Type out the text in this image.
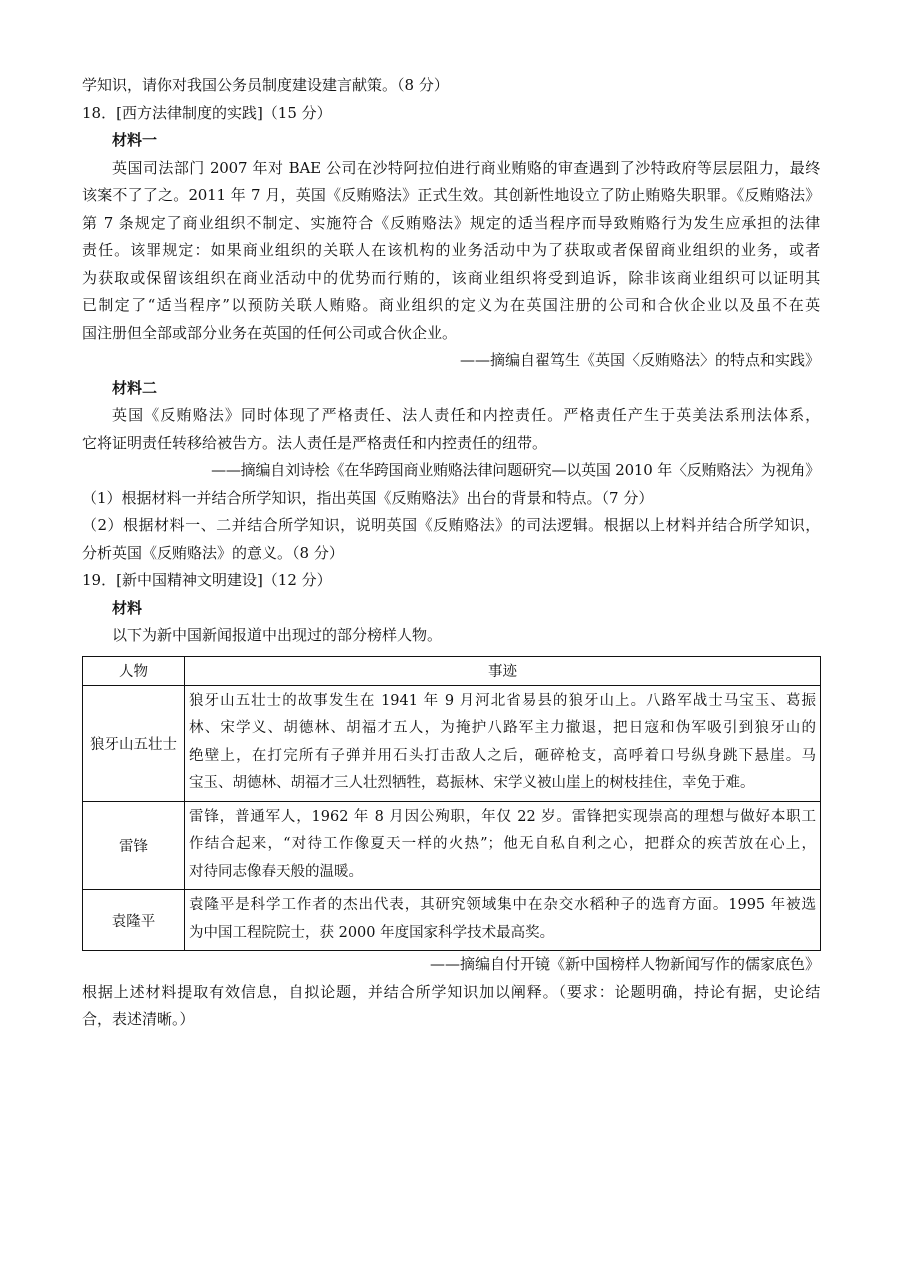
学知识，请你对我国公务员制度建设建言献策。（8 分）
18．[西方法律制度的实践]（15 分）
材料一
英国司法部门 2007 年对 BAE 公司在沙特阿拉伯进行商业贿赂的审查遇到了沙特政府等层层阻力，最终
该案不了了之。2011 年 7 月，英国《反贿赂法》正式生效。其创新性地设立了防止贿赂失职罪。《反贿赂法》
第 7 条规定了商业组织不制定、实施符合《反贿赂法》规定的适当程序而导致贿赂行为发生应承担的法律
责任。该罪规定：如果商业组织的关联人在该机构的业务活动中为了获取或者保留商业组织的业务，或者
为获取或保留该组织在商业活动中的优势而行贿的，该商业组织将受到追诉，除非该商业组织可以证明其
已制定了“适当程序”以预防关联人贿赂。商业组织的定义为在英国注册的公司和合伙企业以及虽不在英
国注册但全部或部分业务在英国的任何公司或合伙企业。
——摘编自翟笃生《英国〈反贿赂法〉的特点和实践》
材料二
英国《反贿赂法》同时体现了严格责任、法人责任和内控责任。严格责任产生于英美法系刑法体系，
它将证明责任转移给被告方。法人责任是严格责任和内控责任的纽带。
——摘编自刘诗桧《在华跨国商业贿赂法律问题研究—以英国 2010 年〈反贿赂法〉为视角》
（1）根据材料一并结合所学知识，指出英国《反贿赂法》出台的背景和特点。（7 分）
（2）根据材料一、二并结合所学知识，说明英国《反贿赂法》的司法逻辑。根据以上材料并结合所学知识，
分析英国《反贿赂法》的意义。（8 分）
19．[新中国精神文明建设]（12 分）
材料
以下为新中国新闻报道中出现过的部分榜样人物。
人物	事迹
狼牙山五壮士	狼牙山五壮士的故事发生在 1941 年 9 月河北省易县的狼牙山上。八路军战士马宝玉、葛振
林、宋学义、胡德林、胡福才五人，为掩护八路军主力撤退，把日寇和伪军吸引到狼牙山的
绝壁上，在打完所有子弹并用石头打击敌人之后，砸碎枪支，高呼着口号纵身跳下悬崖。马
宝玉、胡德林、胡福才三人壮烈牺牲，葛振林、宋学义被山崖上的树枝挂住，幸免于难。

雷锋	雷锋，普通军人，1962 年 8 月因公殉职，年仅 22 岁。雷锋把实现崇高的理想与做好本职工
作结合起来，“对待工作像夏天一样的火热”；他无自私自利之心，把群众的疾苦放在心上，
对待同志像春天般的温暖。

袁隆平	袁隆平是科学工作者的杰出代表，其研究领域集中在杂交水稻种子的选育方面。1995 年被选
为中国工程院院士，获 2000 年度国家科学技术最高奖。
——摘编自付开镜《新中国榜样人物新闻写作的儒家底色》
根据上述材料提取有效信息，自拟论题，并结合所学知识加以阐释。（要求：论题明确，持论有据，史论结
合，表述清晰。）
